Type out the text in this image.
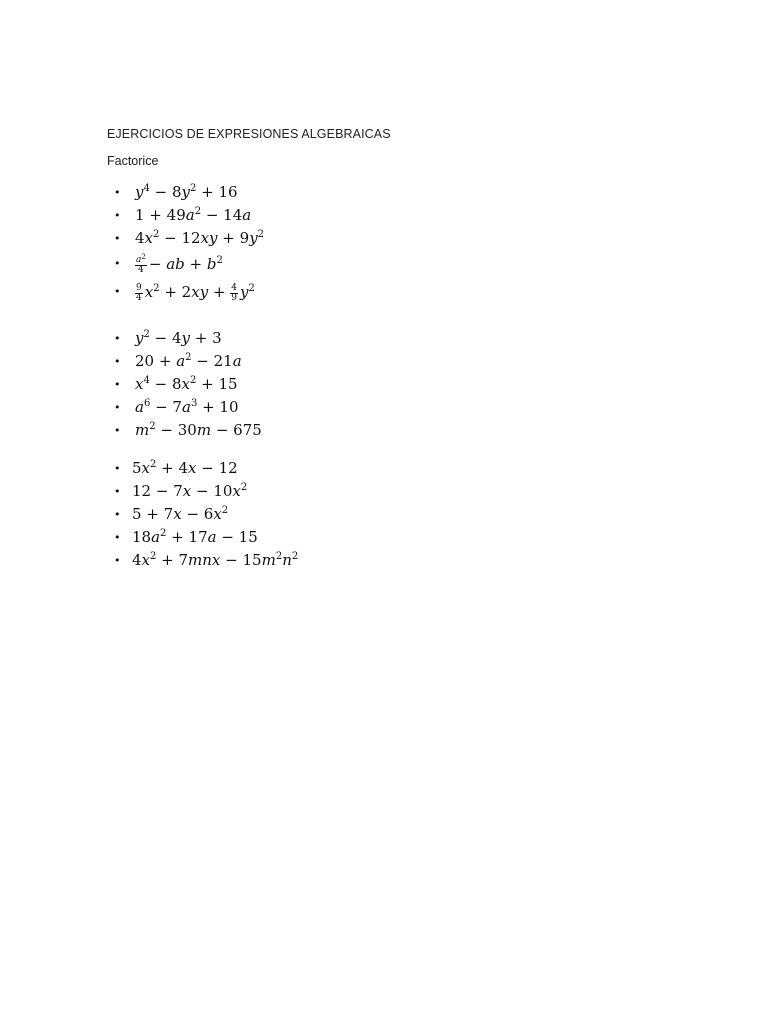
EJERCICIOS DE EXPRESIONES ALGEBRAICAS
Factorice
• $y^4 - 8y^2 + 16$
• $1 + 49a^2 - 14a$
• $4x^2 - 12xy + 9y^2$
• $\frac{a^2}{4}$ − ab + $b^2$
• $\frac{9}{4} x^2 + 2xy + \frac{4}{9} y^2$
• $y^2 - 4y + 3$
• $20 + a^2 - 21a$
• $x^4 - 8x^2 + 15$
• $a^6 - 7a^3 + 10$
• $m^2 - 30m - 675$
• $5x^2 + 4x - 12$
• $12 - 7x - 10x^2$
• $5 + 7x - 6x^2$
• $18a^2 + 17a - 15$
• $4x^2 + 7mnx - 15m^2n^2$
